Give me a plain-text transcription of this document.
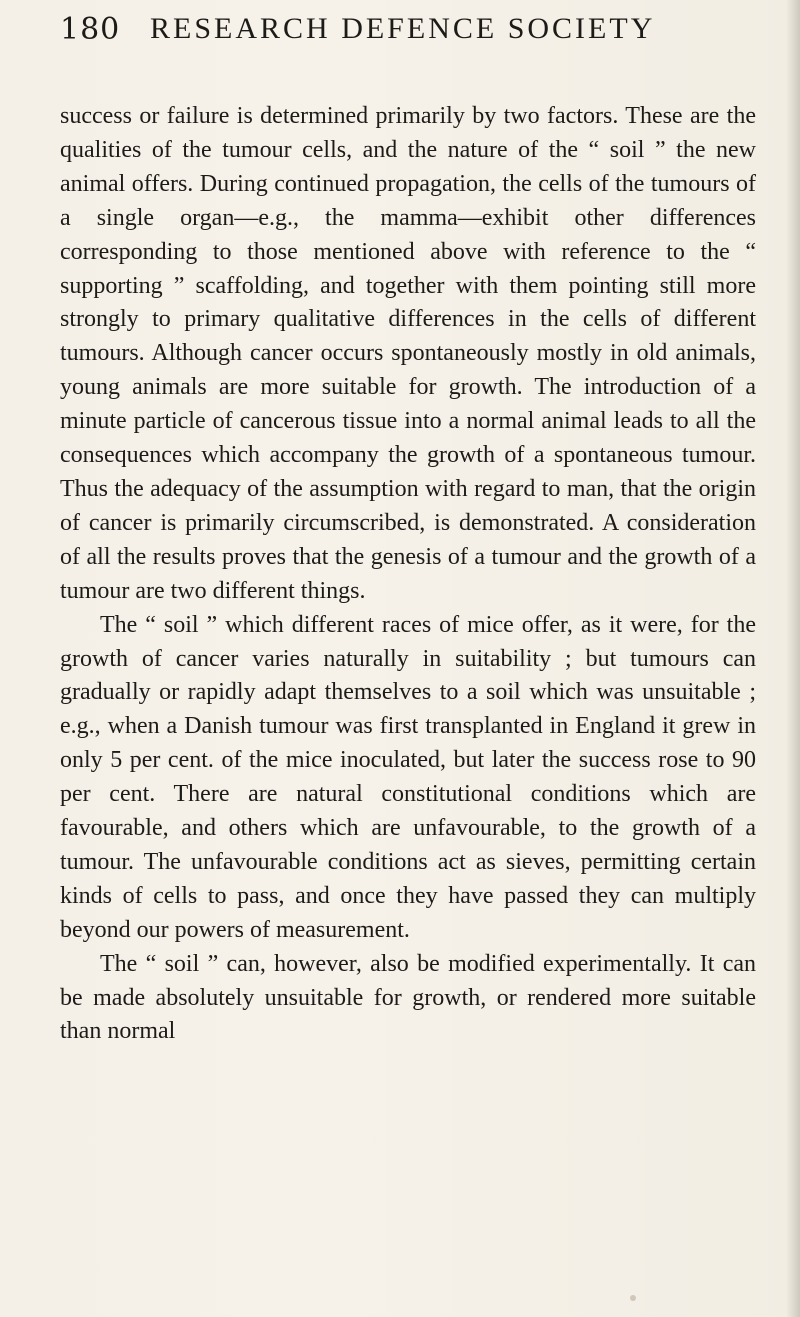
180 RESEARCH DEFENCE SOCIETY

success or failure is determined primarily by two factors. These are the qualities of the tumour cells, and the nature of the “ soil ” the new animal offers. During continued propagation, the cells of the tumours of a single organ—e.g., the mamma—exhibit other differences corresponding to those mentioned above with reference to the “ supporting ” scaffolding, and together with them pointing still more strongly to primary qualitative differences in the cells of different tumours. Although cancer occurs spontaneously mostly in old animals, young animals are more suitable for growth. The introduction of a minute particle of cancerous tissue into a normal animal leads to all the consequences which accompany the growth of a spontaneous tumour. Thus the adequacy of the assumption with regard to man, that the origin of cancer is primarily circumscribed, is demonstrated. A consideration of all the results proves that the genesis of a tumour and the growth of a tumour are two different things.

The “ soil ” which different races of mice offer, as it were, for the growth of cancer varies naturally in suitability ; but tumours can gradually or rapidly adapt themselves to a soil which was unsuitable ; e.g., when a Danish tumour was first transplanted in England it grew in only 5 per cent. of the mice inoculated, but later the success rose to 90 per cent. There are natural constitutional conditions which are favourable, and others which are unfavourable, to the growth of a tumour. The unfavourable conditions act as sieves, permitting certain kinds of cells to pass, and once they have passed they can multiply beyond our powers of measurement.

The “ soil ” can, however, also be modified experimentally. It can be made absolutely unsuitable for growth, or rendered more suitable than normal
